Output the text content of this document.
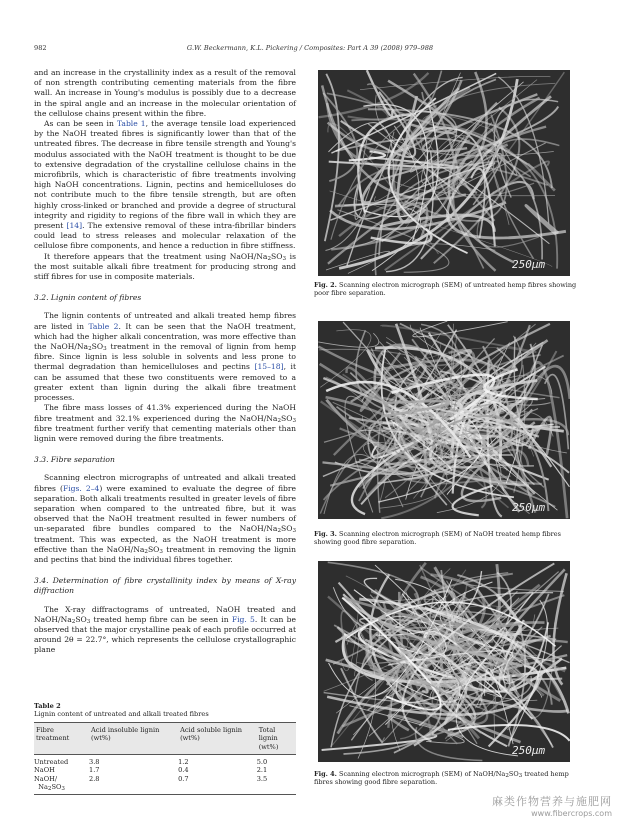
982	G.W. Beckermann, K.L. Pickering / Composites: Part A 39 (2008) 979–988

and an increase in the crystallinity index as a result of the removal of non strength contributing cementing materials from the fibre wall. An increase in Young's modulus is possibly due to a decrease in the spiral angle and an increase in the molecular orientation of the cellulose chains present within the fibre.

As can be seen in Table 1, the average tensile load experienced by the NaOH treated fibres is significantly lower than that of the untreated fibres. The decrease in fibre tensile strength and Young's modulus associated with the NaOH treatment is thought to be due to extensive degradation of the crystalline cellulose chains in the microfibrils, which is characteristic of fibre treatments involving high NaOH concentrations. Lignin, pectins and hemicelluloses do not contribute much to the fibre tensile strength, but are often highly cross-linked or branched and provide a degree of structural integrity and rigidity to regions of the fibre wall in which they are present [14]. The extensive removal of these intra-fibrillar binders could lead to stress releases and molecular relaxation of the cellulose fibre components, and hence a reduction in fibre stiffness.

It therefore appears that the treatment using NaOH/$Na_2SO_3$ is the most suitable alkali fibre treatment for producing strong and stiff fibres for use in composite materials.

3.2. Lignin content of fibres

The lignin contents of untreated and alkali treated hemp fibres are listed in Table 2. It can be seen that the NaOH treatment, which had the higher alkali concentration, was more effective than the NaOH/$Na_2SO_3$ treatment in the removal of lignin from hemp fibre. Since lignin is less soluble in solvents and less prone to thermal degradation than hemicelluloses and pectins [15–18], it can be assumed that these two constituents were removed to a greater extent than lignin during the alkali fibre treatment processes.

The fibre mass losses of 41.3% experienced during the NaOH fibre treatment and 32.1% experienced during the NaOH/$Na_2SO_3$ fibre treatment further verify that cementing materials other than lignin were removed during the fibre treatments.

3.3. Fibre separation

Scanning electron micrographs of untreated and alkali treated fibres (Figs. 2–4) were examined to evaluate the degree of fibre separation. Both alkali treatments resulted in greater levels of fibre separation when compared to the untreated fibre, but it was observed that the NaOH treatment resulted in fewer numbers of un-separated fibre bundles compared to the NaOH/$Na_2SO_3$ treatment. This was expected, as the NaOH treatment is more effective than the NaOH/$Na_2SO_3$ treatment in removing the lignin and pectins that bind the individual fibres together.

3.4. Determination of fibre crystallinity index by means of X-ray diffraction

The X-ray diffractograms of untreated, NaOH treated and NaOH/$Na_2SO_3$ treated hemp fibre can be seen in Fig. 5. It can be observed that the major crystalline peak of each profile occurred at around 2θ = 22.7°, which represents the cellulose crystallographic plane

Table 2
Lignin content of untreated and alkali treated fibres
Fibre treatment	Acid insoluble lignin (wt%)	Acid soluble lignin (wt%)	Total lignin (wt%)
Untreated	3.8	1.2	5.0
NaOH	1.7	0.4	2.1
NaOH/
$Na_2SO_3$	2.8	0.7	3.5
250μm
Fig. 2. Scanning electron micrograph (SEM) of untreated hemp fibres showing poor fibre separation.
250μm
Fig. 3. Scanning electron micrograph (SEM) of NaOH treated hemp fibres showing good fibre separation.
250μm
Fig. 4. Scanning electron micrograph (SEM) of NaOH/$Na_2SO_3$ treated hemp fibres showing good fibre separation.
麻类作物营养与施肥网
www.fibercrops.com
